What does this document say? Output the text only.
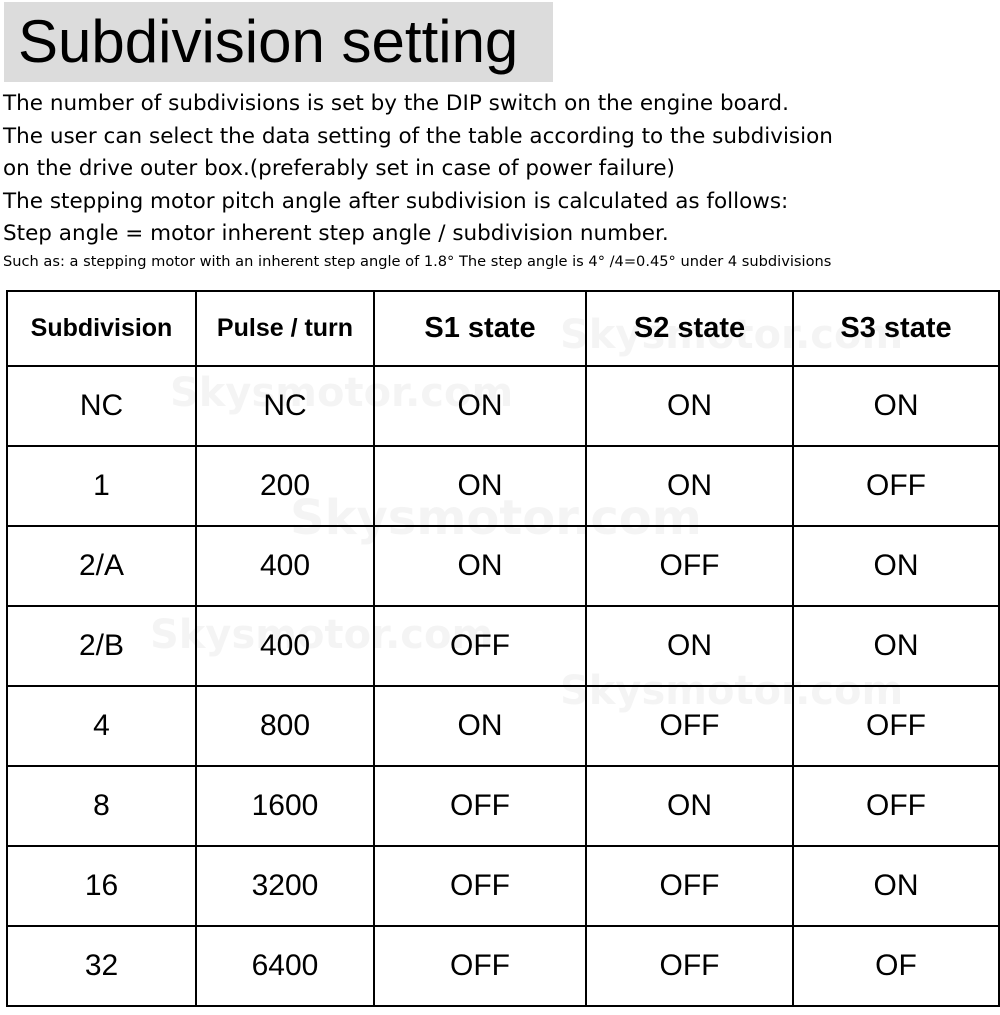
Subdivision setting
The number of subdivisions is set by the DIP switch on the engine board.
The user can select the data setting of the table according to the subdivision
on the drive outer box.(preferably set in case of power failure)
The stepping motor pitch angle after subdivision is calculated as follows:
Step angle = motor inherent step angle / subdivision number.
Such as: a stepping motor with an inherent step angle of 1.8° The step angle is 4° /4=0.45° under 4 subdivisions
Subdivision	Pulse / turn	S1 state	S2 state	S3 state
NC	NC	ON	ON	ON
1	200	ON	ON	OFF
2/A	400	ON	OFF	ON
2/B	400	OFF	ON	ON
4	800	ON	OFF	OFF
8	1600	OFF	ON	OFF
16	3200	OFF	OFF	ON
32	6400	OFF	OFF	OF
